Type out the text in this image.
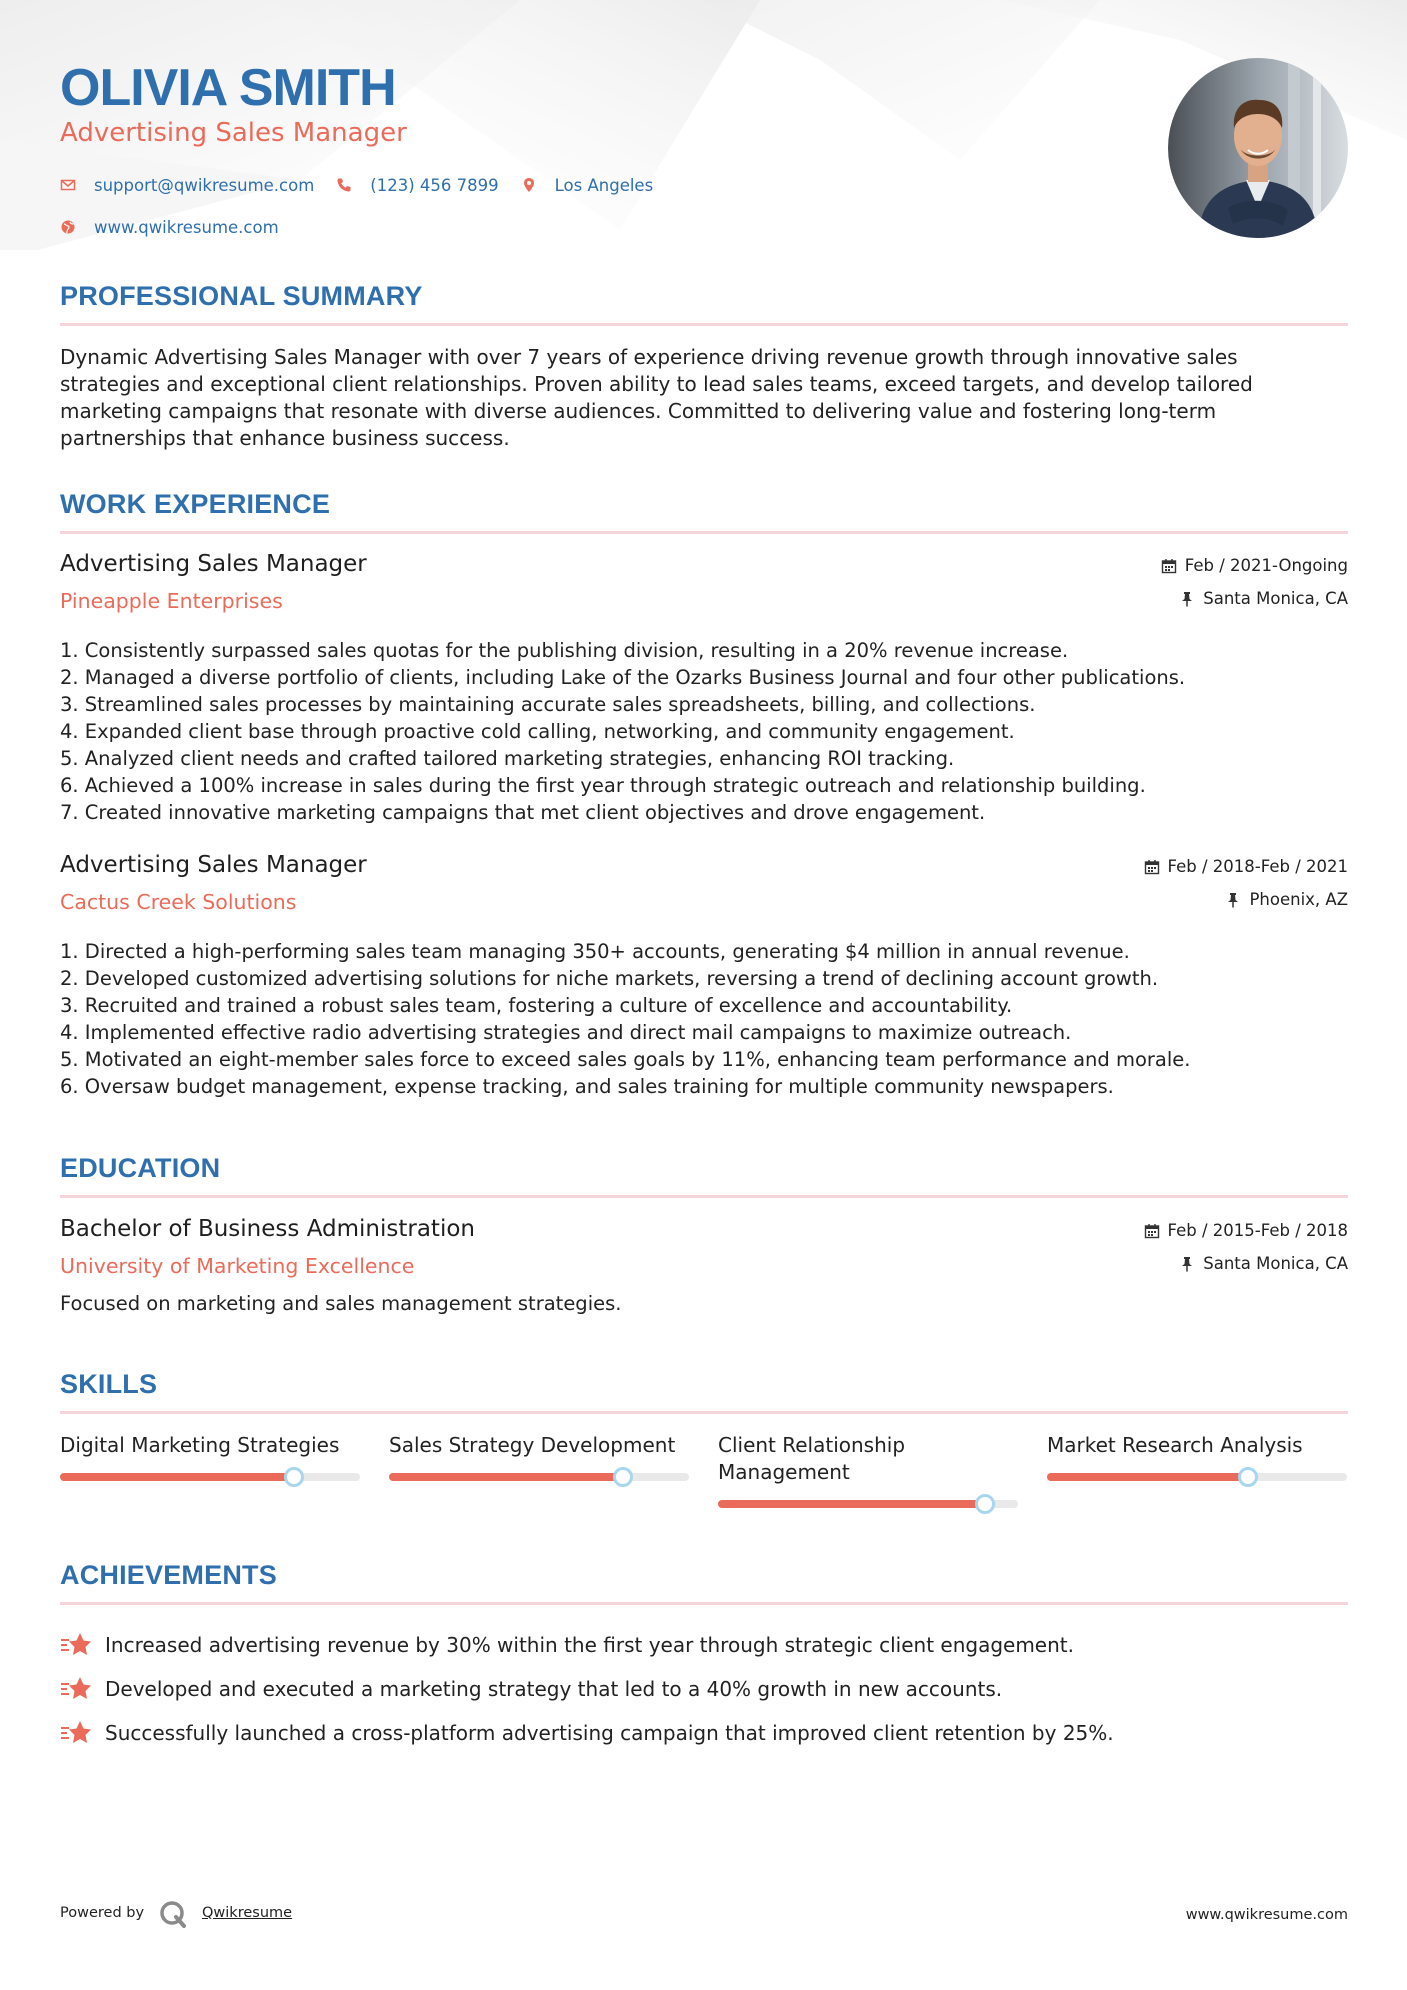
OLIVIA SMITH
Advertising Sales Manager
support@qwikresume.com	(123) 456 7899	Los Angeles
www.qwikresume.com
PROFESSIONAL SUMMARY
Dynamic Advertising Sales Manager with over 7 years of experience driving revenue growth through innovative sales
strategies and exceptional client relationships. Proven ability to lead sales teams, exceed targets, and develop tailored
marketing campaigns that resonate with diverse audiences. Committed to delivering value and fostering long-term
partnerships that enhance business success.
WORK EXPERIENCE
Advertising Sales Manager
Pineapple Enterprises
Feb / 2021-Ongoing
Santa Monica, CA
1. Consistently surpassed sales quotas for the publishing division, resulting in a 20% revenue increase.
2. Managed a diverse portfolio of clients, including Lake of the Ozarks Business Journal and four other publications.
3. Streamlined sales processes by maintaining accurate sales spreadsheets, billing, and collections.
4. Expanded client base through proactive cold calling, networking, and community engagement.
5. Analyzed client needs and crafted tailored marketing strategies, enhancing ROI tracking.
6. Achieved a 100% increase in sales during the first year through strategic outreach and relationship building.
7. Created innovative marketing campaigns that met client objectives and drove engagement.
Advertising Sales Manager
Cactus Creek Solutions
Feb / 2018-Feb / 2021
Phoenix, AZ
1. Directed a high-performing sales team managing 350+ accounts, generating $4 million in annual revenue.
2. Developed customized advertising solutions for niche markets, reversing a trend of declining account growth.
3. Recruited and trained a robust sales team, fostering a culture of excellence and accountability.
4. Implemented effective radio advertising strategies and direct mail campaigns to maximize outreach.
5. Motivated an eight-member sales force to exceed sales goals by 11%, enhancing team performance and morale.
6. Oversaw budget management, expense tracking, and sales training for multiple community newspapers.
EDUCATION
Bachelor of Business Administration
University of Marketing Excellence
Feb / 2015-Feb / 2018
Santa Monica, CA
Focused on marketing and sales management strategies.
SKILLS
Digital Marketing Strategies	Sales Strategy Development	Client Relationship Management
Market Research Analysis
ACHIEVEMENTS
Increased advertising revenue by 30% within the first year through strategic client engagement.
Developed and executed a marketing strategy that led to a 40% growth in new accounts.
Successfully launched a cross-platform advertising campaign that improved client retention by 25%.
Powered by	Qwikresume	www.qwikresume.com
